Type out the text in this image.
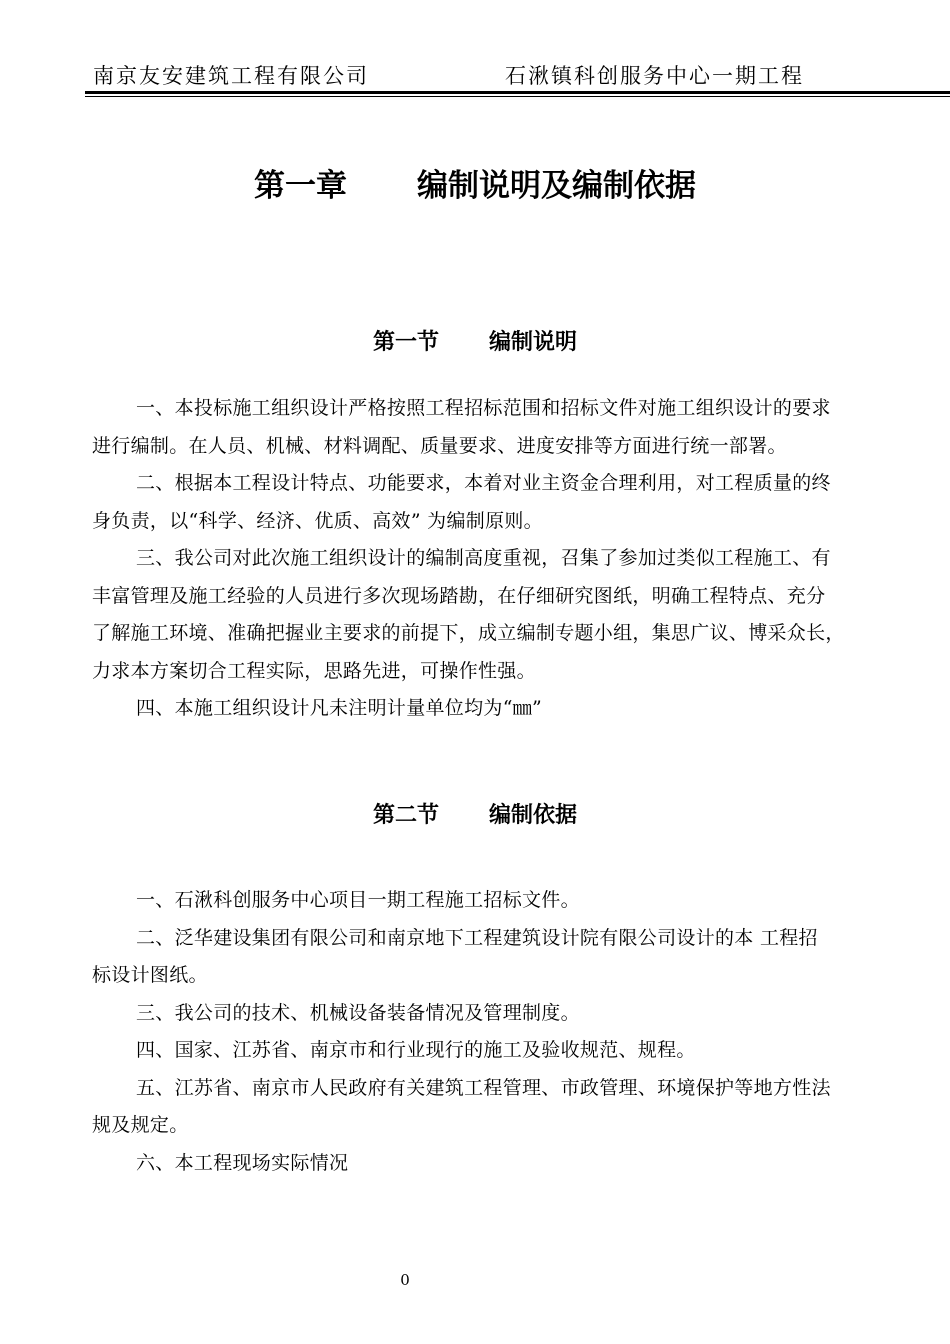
南京友安建筑工程有限公司	石湫镇科创服务中心一期工程
第一章 编制说明及编制依据
第一节 编制说明
一、本投标施工组织设计严格按照工程招标范围和招标文件对施工组织设计的要求
进行编制。在人员、机械、材料调配、质量要求、进度安排等方面进行统一部署。
二、根据本工程设计特点、功能要求，本着对业主资金合理利用，对工程质量的终
身负责，以“科学、经济、优质、高效” 为编制原则。
三、我公司对此次施工组织设计的编制高度重视，召集了参加过类似工程施工、有
丰富管理及施工经验的人员进行多次现场踏勘，在仔细研究图纸，明确工程特点、充分
了解施工环境、准确把握业主要求的前提下，成立编制专题小组，集思广议、博采众长，
力求本方案切合工程实际，思路先进，可操作性强。
四、本施工组织设计凡未注明计量单位均为“㎜”
第二节 编制依据
一、石湫科创服务中心项目一期工程施工招标文件。
二、泛华建设集团有限公司和南京地下工程建筑设计院有限公司设计的本 工程招
标设计图纸。
三、我公司的技术、机械设备装备情况及管理制度。
四、国家、江苏省、南京市和行业现行的施工及验收规范、规程。
五、江苏省、南京市人民政府有关建筑工程管理、市政管理、环境保护等地方性法
规及规定。
六、本工程现场实际情况
0
